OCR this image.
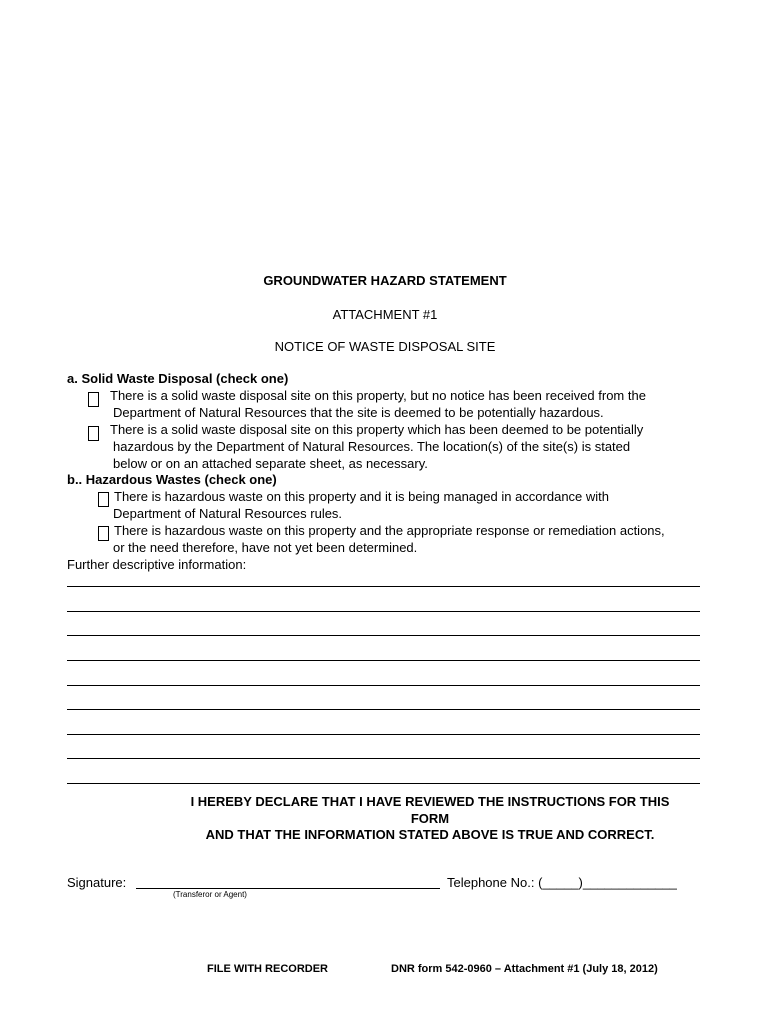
GROUNDWATER HAZARD STATEMENT
ATTACHMENT #1
NOTICE OF WASTE DISPOSAL SITE
a. Solid Waste Disposal (check one)
There is a solid waste disposal site on this property, but no notice has been received from the
Department of Natural Resources that the site is deemed to be potentially hazardous.
There is a solid waste disposal site on this property which has been deemed to be potentially
hazardous by the Department of Natural Resources. The location(s) of the site(s) is stated
below or on an attached separate sheet, as necessary.
b.. Hazardous Wastes (check one)
There is hazardous waste on this property and it is being managed in accordance with
Department of Natural Resources rules.
There is hazardous waste on this property and the appropriate response or remediation actions,
or the need therefore, have not yet been determined.
Further descriptive information:
I HEREBY DECLARE THAT I HAVE REVIEWED THE INSTRUCTIONS FOR THIS
FORM
AND THAT THE INFORMATION STATED ABOVE IS TRUE AND CORRECT.
Signature:
(Transferor or Agent)
Telephone No.: (_____)_____________
FILE WITH RECORDER	DNR form 542-0960 – Attachment #1 (July 18, 2012)
